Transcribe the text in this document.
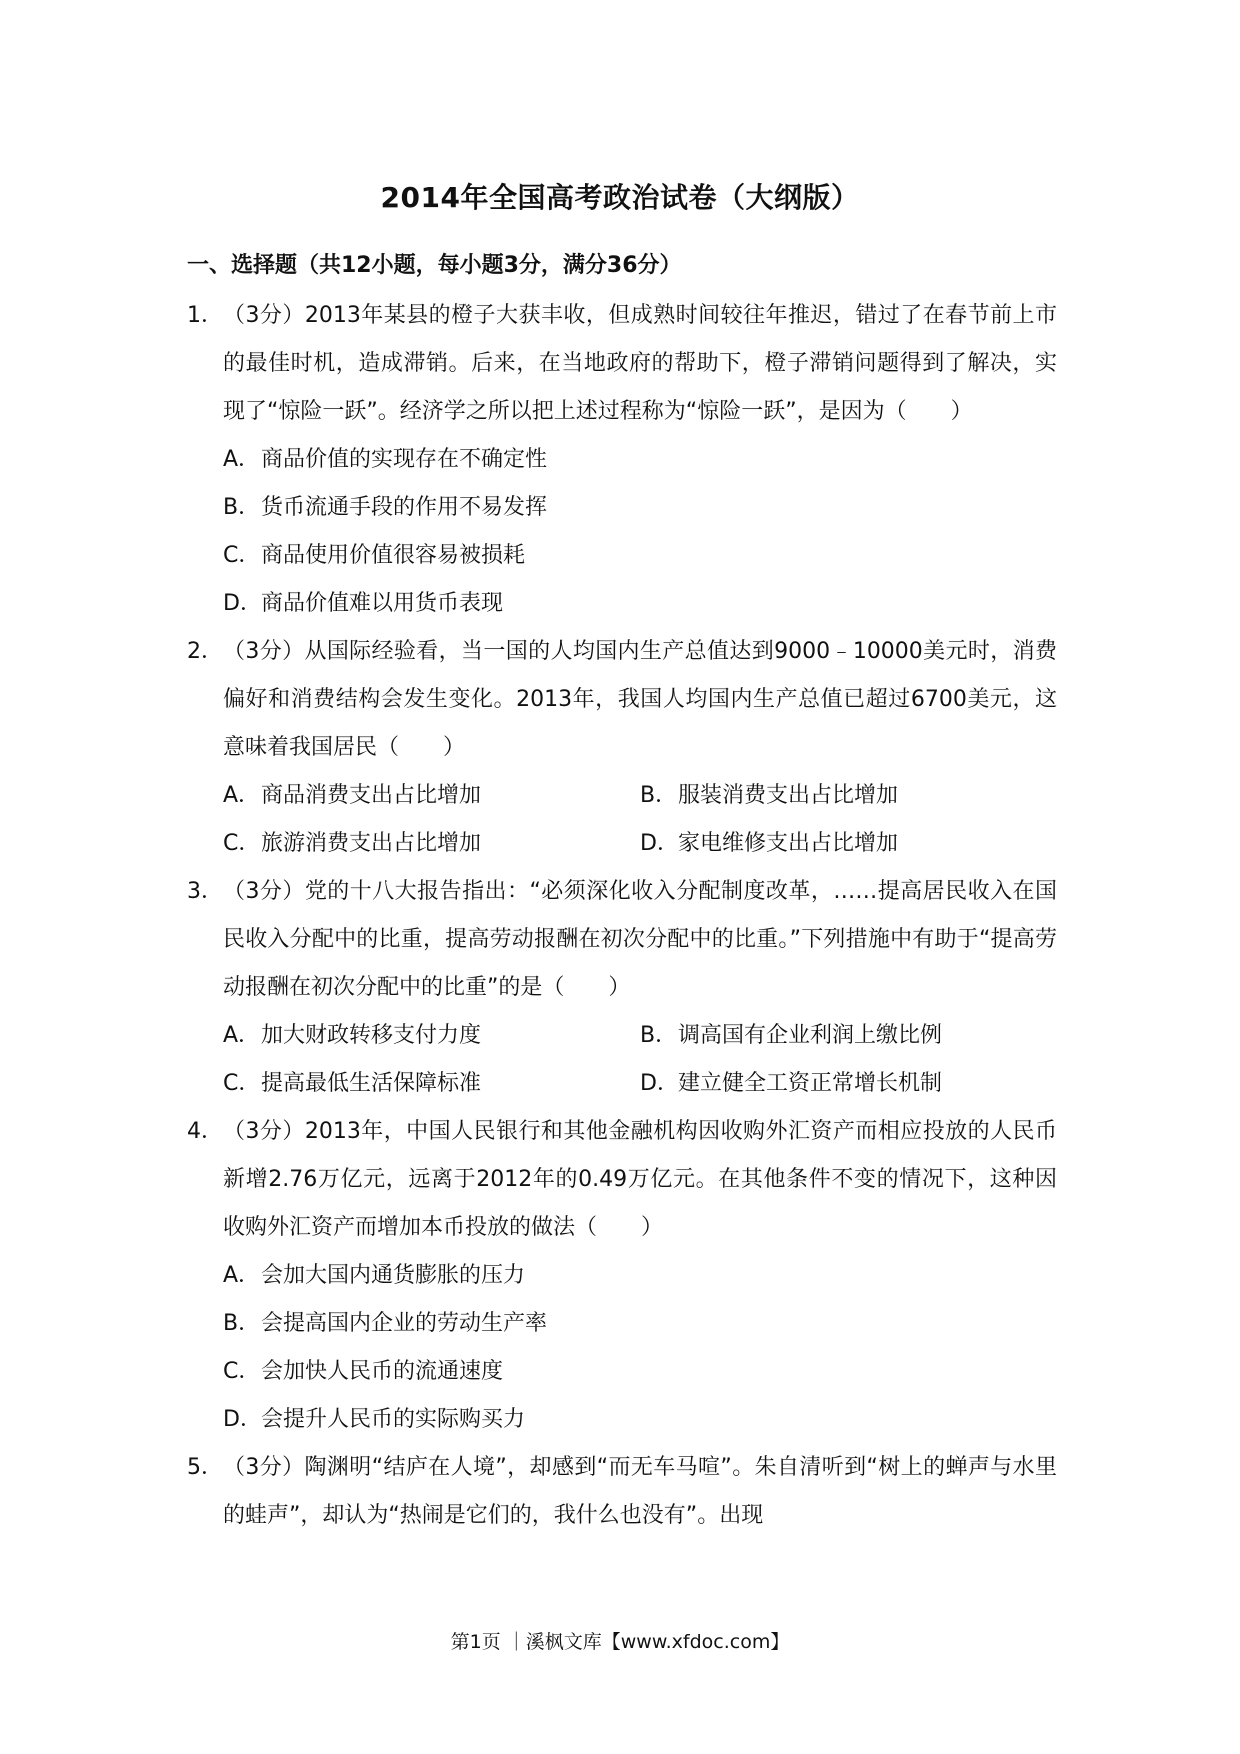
2014年全国高考政治试卷（大纲版）
一、选择题（共12小题，每小题3分，满分36分）
1． （3分）2013年某县的橙子大获丰收，但成熟时间较往年推迟，错过了在春节前上市的最佳时机，造成滞销。后来，在当地政府的帮助下，橙子滞销问题得到了解决，实现了“惊险一跃”。经济学之所以把上述过程称为“惊险一跃”，是因为（　　）
A．商品价值的实现存在不确定性
B．货币流通手段的作用不易发挥
C．商品使用价值很容易被损耗
D．商品价值难以用货币表现
2． （3分）从国际经验看，当一国的人均国内生产总值达到9000﹣10000美元时，消费偏好和消费结构会发生变化。2013年，我国人均国内生产总值已超过6700美元，这意味着我国居民（　　）
A．商品消费支出占比增加	B．服装消费支出占比增加
C．旅游消费支出占比增加	D．家电维修支出占比增加
3． （3分）党的十八大报告指出：“必须深化收入分配制度改革，……提高居民收入在国民收入分配中的比重，提高劳动报酬在初次分配中的比重。”下列措施中有助于“提高劳动报酬在初次分配中的比重”的是（　　）
A．加大财政转移支付力度	B．调高国有企业利润上缴比例
C．提高最低生活保障标准	D．建立健全工资正常增长机制
4． （3分）2013年，中国人民银行和其他金融机构因收购外汇资产而相应投放的人民币新增2.76万亿元，远离于2012年的0.49万亿元。在其他条件不变的情况下，这种因收购外汇资产而增加本币投放的做法（　　）
A．会加大国内通货膨胀的压力
B．会提高国内企业的劳动生产率
C．会加快人民币的流通速度
D．会提升人民币的实际购买力
5． （3分）陶渊明“结庐在人境”，却感到“而无车马喧”。朱自清听到“树上的蝉声与水里的蛙声”，却认为“热闹是它们的，我什么也没有”。出现
第1页 ｜溪枫文库【www.xfdoc.com】
